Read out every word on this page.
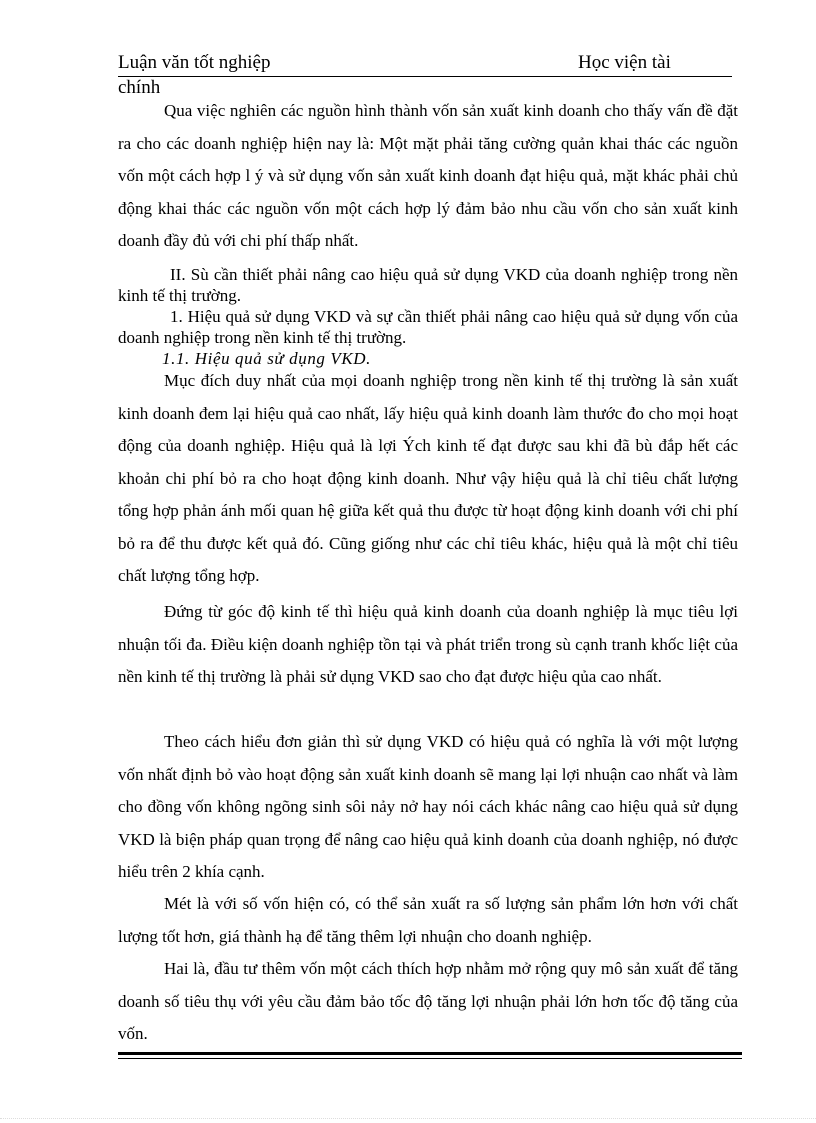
Luận văn tốt nghiệp	Học viện tài
chính

Qua việc nghiên các nguồn hình thành vốn sản xuất kinh doanh cho thấy vấn đề đặt ra cho các doanh nghiệp hiện nay là: Một mặt phải tăng cường quản khai thác các nguồn vốn một cách hợp l ý và sử dụng vốn sản xuất kinh doanh đạt hiệu quả, mặt khác phải chủ động khai thác các nguồn vốn một cách hợp lý đảm bảo nhu cầu vốn cho sản xuất kinh doanh đầy đủ với chi phí thấp nhất.

II. Sù cần thiết phải nâng cao hiệu quả sử dụng VKD của doanh nghiệp trong nền kinh tế thị trường.

1. Hiệu quả sử dụng VKD và sự cần thiết phải nâng cao hiệu quả sử dụng vốn của doanh nghiệp trong nền kinh tế thị trường.

1.1. Hiệu quả sử dụng VKD.

Mục đích duy nhất của mọi doanh nghiệp trong nền kinh tế thị trường là sản xuất kinh doanh đem lại hiệu quả cao nhất, lấy hiệu quả kinh doanh làm thước đo cho mọi hoạt động của doanh nghiệp. Hiệu quả là lợi Ých kinh tế đạt được sau khi đã bù đắp hết các khoản chi phí bỏ ra cho hoạt động kinh doanh. Như vậy hiệu quả là chỉ tiêu chất lượng tổng hợp phản ánh mối quan hệ giữa kết quả thu được từ hoạt động kinh doanh với chi phí bỏ ra để thu được kết quả đó. Cũng giống như các chỉ tiêu khác, hiệu quả là một chỉ tiêu chất lượng tổng hợp.

Đứng từ góc độ kinh tế thì hiệu quả kinh doanh của doanh nghiệp là mục tiêu lợi nhuận tối đa. Điều kiện doanh nghiệp tồn tại và phát triển trong sù cạnh tranh khốc liệt của nền kinh tế thị trường là phải sử dụng VKD sao cho đạt được hiệu qủa cao nhất.

Theo cách hiểu đơn giản thì sử dụng VKD có hiệu quả có nghĩa là với một lượng vốn nhất định bỏ vào hoạt động sản xuất kinh doanh sẽ mang lại lợi nhuận cao nhất và làm cho đồng vốn không ngõng sinh sôi nảy nở hay nói cách khác nâng cao hiệu quả sử dụng VKD là biện pháp quan trọng để nâng cao hiệu quả kinh doanh của doanh nghiệp, nó được hiểu trên 2 khía cạnh.

Mét là với số vốn hiện có, có thể sản xuất ra số lượng sản phẩm lớn hơn với chất lượng tốt hơn, giá thành hạ để tăng thêm lợi nhuận cho doanh nghiệp.

Hai là, đầu tư thêm vốn một cách thích hợp nhằm mở rộng quy mô sản xuất để tăng doanh số tiêu thụ với yêu cầu đảm bảo tốc độ tăng lợi nhuận phải lớn hơn tốc độ tăng của vốn.
